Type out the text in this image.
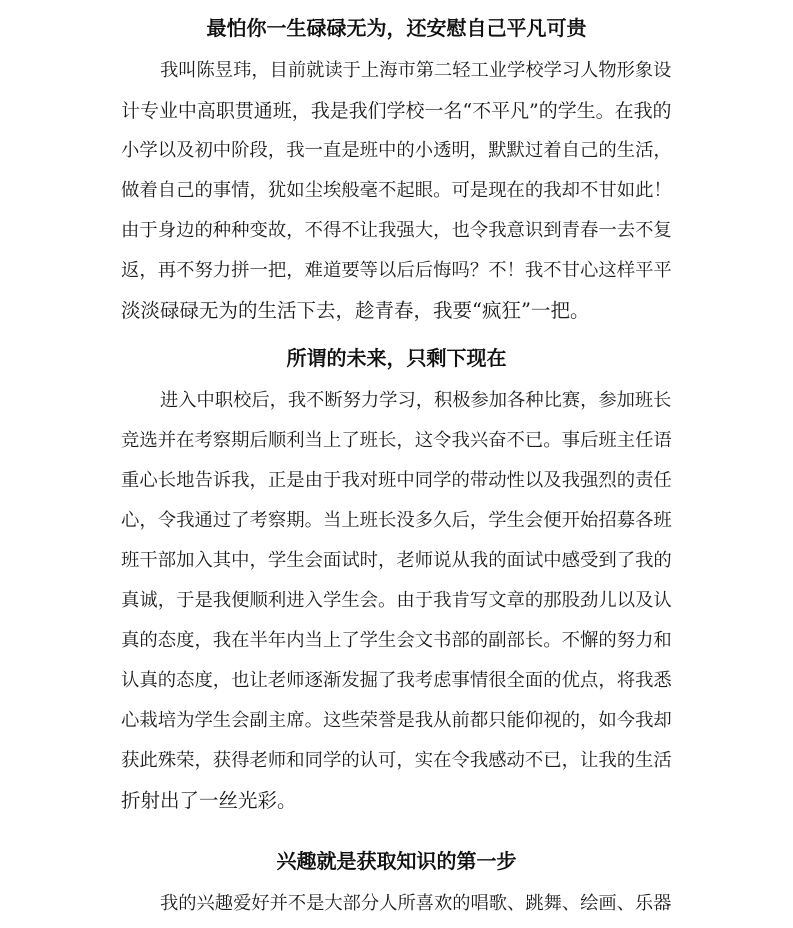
最怕你一生碌碌无为，还安慰自己平凡可贵
我叫陈昱玮，目前就读于上海市第二轻工业学校学习人物形象设
计专业中高职贯通班，我是我们学校一名“不平凡”的学生。在我的
小学以及初中阶段，我一直是班中的小透明，默默过着自己的生活，
做着自己的事情，犹如尘埃般毫不起眼。可是现在的我却不甘如此！
由于身边的种种变故，不得不让我强大，也令我意识到青春一去不复
返，再不努力拼一把，难道要等以后后悔吗？不！我不甘心这样平平
淡淡碌碌无为的生活下去，趁青春，我要“疯狂”一把。
所谓的未来，只剩下现在
进入中职校后，我不断努力学习，积极参加各种比赛，参加班长
竞选并在考察期后顺利当上了班长，这令我兴奋不已。事后班主任语
重心长地告诉我，正是由于我对班中同学的带动性以及我强烈的责任
心，令我通过了考察期。当上班长没多久后，学生会便开始招募各班
班干部加入其中，学生会面试时，老师说从我的面试中感受到了我的
真诚，于是我便顺利进入学生会。由于我肯写文章的那股劲儿以及认
真的态度，我在半年内当上了学生会文书部的副部长。不懈的努力和
认真的态度，也让老师逐渐发掘了我考虑事情很全面的优点，将我悉
心栽培为学生会副主席。这些荣誉是我从前都只能仰视的，如今我却
获此殊荣，获得老师和同学的认可，实在令我感动不已，让我的生活
折射出了一丝光彩。
兴趣就是获取知识的第一步
我的兴趣爱好并不是大部分人所喜欢的唱歌、跳舞、绘画、乐器
